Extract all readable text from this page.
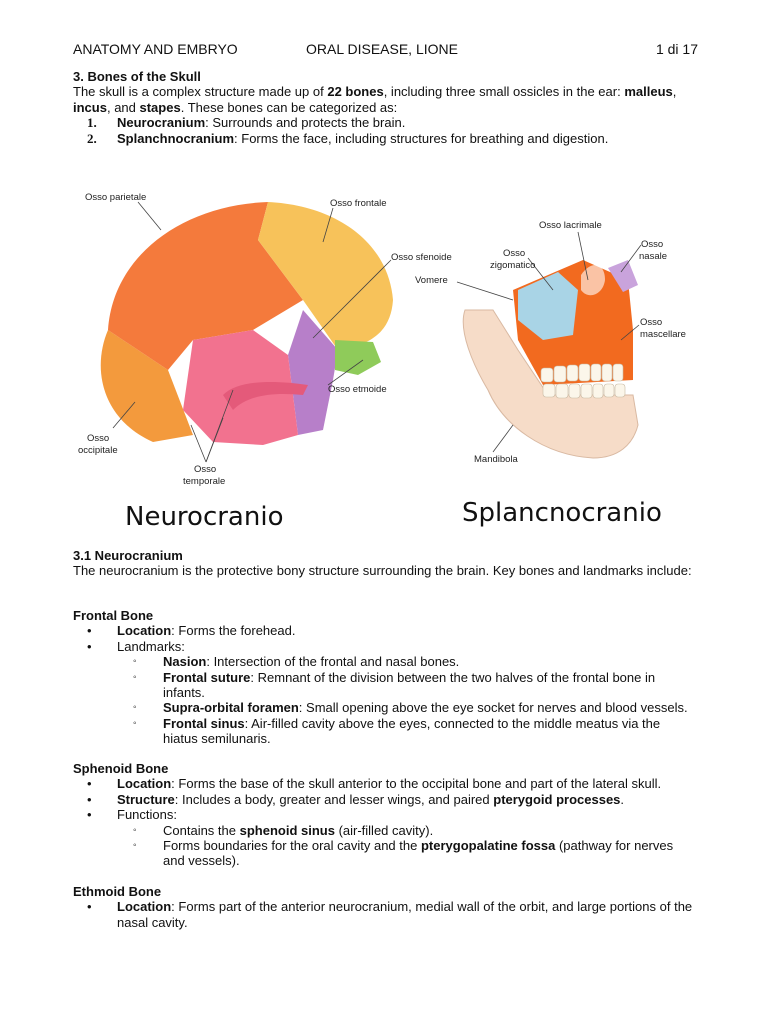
ANATOMY AND EMBRYO	ORAL DISEASE, LIONE	1 di 17

3. Bones of the Skull

The skull is a complex structure made up of 22 bones, including three small ossicles in the ear: malleus, incus, and stapes. These bones can be categorized as:

1. Neurocranium: Surrounds and protects the brain.
2. Splanchnocranium: Forms the face, including structures for breathing and digestion.
Osso parietale
Osso frontale
Osso sfenoide
Osso etmoide
Osso
occipitale
Osso
temporale
Osso lacrimale
Osso
zigomatico
Osso
nasale
Vomere
Osso
mascellare
Mandibola
Neurocranio	Splancnocranio

3.1 Neurocranium

The neurocranium is the protective bony structure surrounding the brain. Key bones and landmarks include:

Frontal Bone

• Location: Forms the forehead.
• Landmarks:
◦ Nasion: Intersection of the frontal and nasal bones.
◦ Frontal suture: Remnant of the division between the two halves of the frontal bone in infants.
◦ Supra-orbital foramen: Small opening above the eye socket for nerves and blood vessels.
◦ Frontal sinus: Air-filled cavity above the eyes, connected to the middle meatus via the hiatus semilunaris.

Sphenoid Bone

• Location: Forms the base of the skull anterior to the occipital bone and part of the lateral skull.
• Structure: Includes a body, greater and lesser wings, and paired pterygoid processes.
• Functions:
◦ Contains the sphenoid sinus (air-filled cavity).
◦ Forms boundaries for the oral cavity and the pterygopalatine fossa (pathway for nerves and vessels).

Ethmoid Bone

• Location: Forms part of the anterior neurocranium, medial wall of the orbit, and large portions of the nasal cavity.
